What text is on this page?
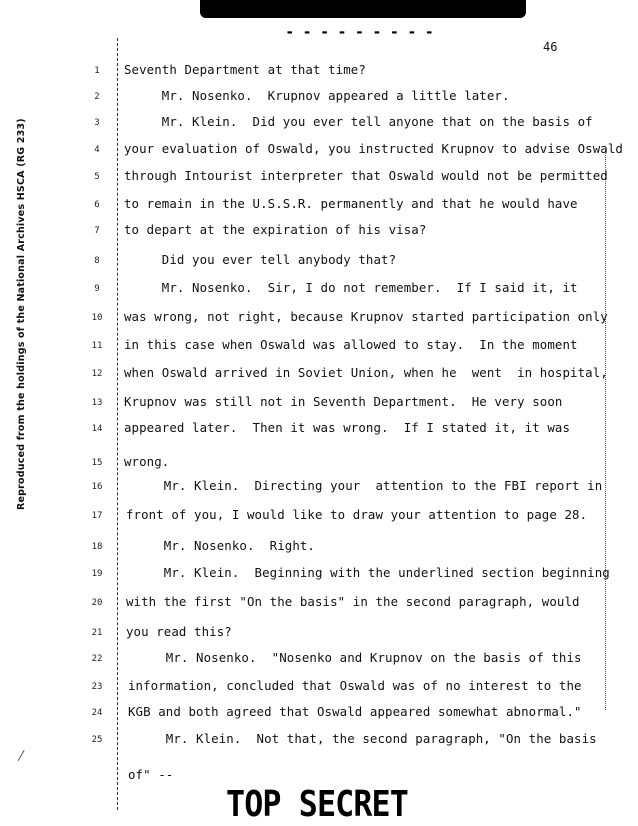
- - - - - - - - -
46
Reproduced from the holdings of the National Archives HSCA (RG 233)
1	Seventh Department at that time?
2	Mr. Nosenko.  Krupnov appeared a little later.
3	Mr. Klein.  Did you ever tell anyone that on the basis of
4	your evaluation of Oswald, you instructed Krupnov to advise Oswald
5	through Intourist interpreter that Oswald would not be permitted
6	to remain in the U.S.S.R. permanently and that he would have
7	to depart at the expiration of his visa?
8	Did you ever tell anybody that?
9	Mr. Nosenko.  Sir, I do not remember.  If I said it, it
10	was wrong, not right, because Krupnov started participation only
11	in this case when Oswald was allowed to stay.  In the moment
12	when Oswald arrived in Soviet Union, when he  went  in hospital,
13	Krupnov was still not in Seventh Department.  He very soon
14	appeared later.  Then it was wrong.  If I stated it, it was
15	wrong.
16	Mr. Klein.  Directing your  attention to the FBI report in
17	front of you, I would like to draw your attention to page 28.
18	Mr. Nosenko.  Right.
19	Mr. Klein.  Beginning with the underlined section beginning
20	with the first "On the basis" in the second paragraph, would
21	you read this?
22	Mr. Nosenko.  "Nosenko and Krupnov on the basis of this
23	information, concluded that Oswald was of no interest to the
24	KGB and both agreed that Oswald appeared somewhat abnormal."
25	Mr. Klein.  Not that, the second paragraph, "On the basis
of" --
TOP SECRET
